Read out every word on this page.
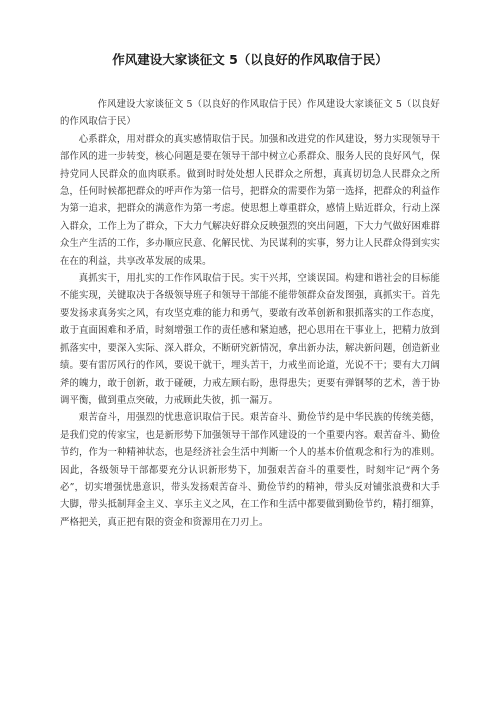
作风建设大家谈征文 5（以良好的作风取信于民）

作风建设大家谈征文 5（以良好的作风取信于民）作风建设大家谈征文 5（以良好的作风取信于民）

心系群众，用对群众的真实感情取信于民。加强和改进党的作风建设，努力实现领导干部作风的进一步转变，核心问题是要在领导干部中树立心系群众、服务人民的良好风气，保持党同人民群众的血肉联系。做到时时处处想人民群众之所想，真真切切急人民群众之所急，任何时候都把群众的呼声作为第一信号，把群众的需要作为第一选择，把群众的利益作为第一追求，把群众的满意作为第一考虑。使思想上尊重群众，感情上贴近群众，行动上深入群众，工作上为了群众，下大力气解决好群众反映强烈的突出问题，下大力气做好困难群众生产生活的工作，多办顺应民意、化解民忧、为民谋利的实事，努力让人民群众得到实实在在的利益，共享改革发展的成果。

真抓实干，用扎实的工作作风取信于民。实干兴邦，空谈误国。构建和谐社会的目标能不能实现，关键取决于各级领导班子和领导干部能不能带领群众奋发图强，真抓实干。首先要发扬求真务实之风，有攻坚克难的能力和勇气，要敢有改革创新和狠抓落实的工作态度，敢于直面困难和矛盾，时刻增强工作的责任感和紧迫感，把心思用在干事业上，把精力放到抓落实中，要深入实际、深入群众，不断研究新情况，拿出新办法，解决新问题，创造新业绩。要有雷厉风行的作风，要说干就干，埋头苦干，力戒坐而论道，光说不干；要有大刀阔斧的魄力，敢于创新，敢于碰硬，力戒左顾右盼，患得患失；更要有弹钢琴的艺术，善于协调平衡，做到重点突破，力戒顾此失彼，抓一漏万。

艰苦奋斗，用强烈的忧患意识取信于民。艰苦奋斗、勤俭节约是中华民族的传统美德，是我们党的传家宝，也是新形势下加强领导干部作风建设的一个重要内容。艰苦奋斗、勤俭节约，作为一种精神状态，也是经济社会生活中判断一个人的基本价值观念和行为的准则。因此，各级领导干部都要充分认识新形势下，加强艰苦奋斗的重要性，时刻牢记“两个务必”，切实增强忧患意识，带头发扬艰苦奋斗、勤俭节约的精神，带头反对铺张浪费和大手大脚，带头抵制拜金主义、享乐主义之风，在工作和生活中都要做到勤俭节约，精打细算，严格把关，真正把有限的资金和资源用在刀刃上。
